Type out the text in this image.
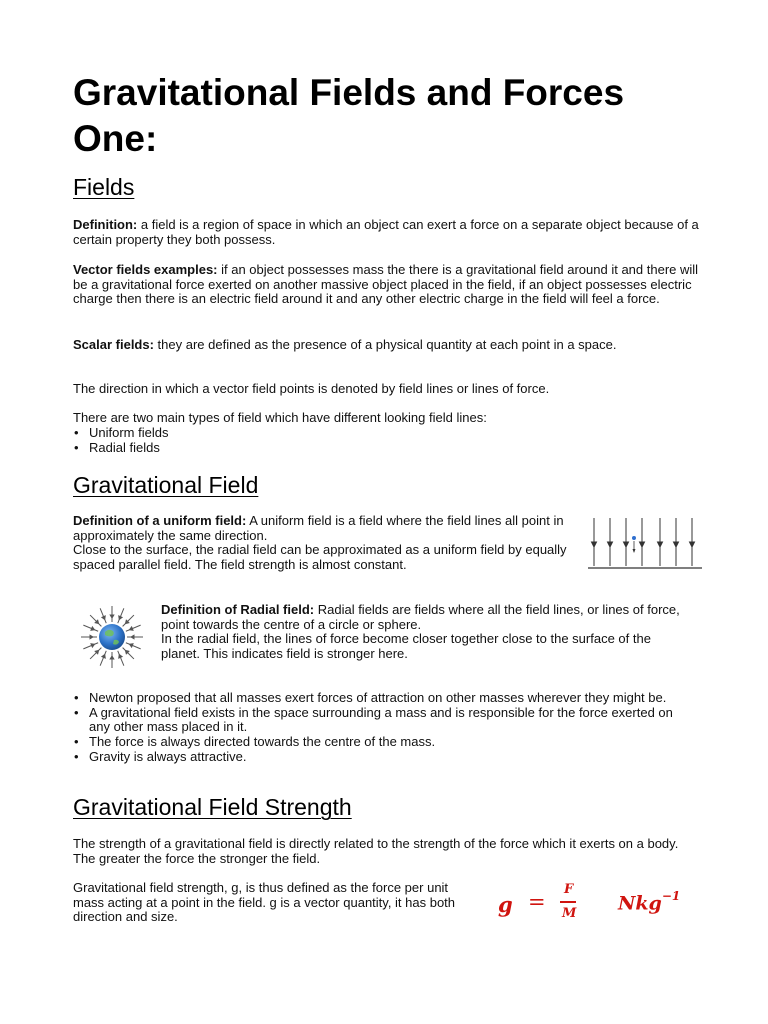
Gravitational Fields and Forces One:
Fields

Definition: a field is a region of space in which an object can exert a force on a separate object because of a certain property they both possess.

Vector fields examples: if an object possesses mass the there is a gravitational field around it and there will be a gravitational force exerted on another massive object placed in the field, if an object possesses electric charge then there is an electric field around it and any other electric charge in the field will feel a force.

Scalar fields: they are defined as the presence of a physical quantity at each point in a space.

The direction in which a vector field points is denoted by field lines or lines of force.

There are two main types of field which have different looking field lines:

• Uniform fields
• Radial fields
Gravitational Field

Definition of a uniform field: A uniform field is a field where the field lines all point in approximately the same direction.
Close to the surface, the radial field can be approximated as a uniform field by equally spaced parallel field. The field strength is almost constant.

Definition of Radial field: Radial fields are fields where all the field lines, or lines of force, point towards the centre of a circle or sphere.
In the radial field, the lines of force become closer together close to the surface of the planet. This indicates field is stronger here.

• Newton proposed that all masses exert forces of attraction on other masses wherever they might be.
• A gravitational field exists in the space surrounding a mass and is responsible for the force exerted on any other mass placed in it.
• The force is always directed towards the centre of the mass.
• Gravity is always attractive.
Gravitational Field Strength

The strength of a gravitational field is directly related to the strength of the force which it exerts on a body. The greater the force the stronger the field.

Gravitational field strength, g, is thus defined as the force per unit mass acting at a point in the field. g is a vector quantity, it has both direction and size.	g =
F
M Nkg$^{-1}$
